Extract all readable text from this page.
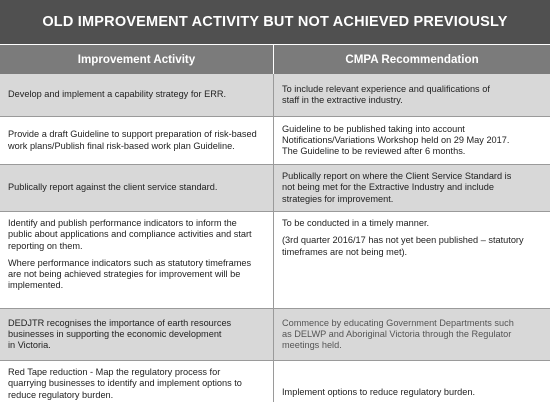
OLD IMPROVEMENT ACTIVITY BUT NOT ACHIEVED PREVIOUSLY
Improvement Activity	CMPA Recommendation

Develop and implement a capability strategy for ERR.

To include relevant experience and qualifications of
staff in the extractive industry.

Provide a draft Guideline to support preparation of risk-based
work plans/Publish final risk-based work plan Guideline.

Guideline to be published taking into account
Notifications/Variations Workshop held on 29 May 2017.
The Guideline to be reviewed after 6 months.

Publically report against the client service standard.

Publically report on where the Client Service Standard is
not being met for the Extractive Industry and include
strategies for improvement.

Identify and publish performance indicators to inform the
public about applications and compliance activities and start
reporting on them.

Where performance indicators such as statutory timeframes
are not being achieved strategies for improvement will be
implemented.

To be conducted in a timely manner.

(3rd quarter 2016/17 has not yet been published – statutory
timeframes are not being met).

DEDJTR recognises the importance of earth resources
businesses in supporting the economic development
in Victoria.

Commence by educating Government Departments such
as DELWP and Aboriginal Victoria through the Regulator
meetings held.

Red Tape reduction - Map the regulatory process for
quarrying businesses to identify and implement options to
reduce regulatory burden.	Implement options to reduce regulatory burden.
